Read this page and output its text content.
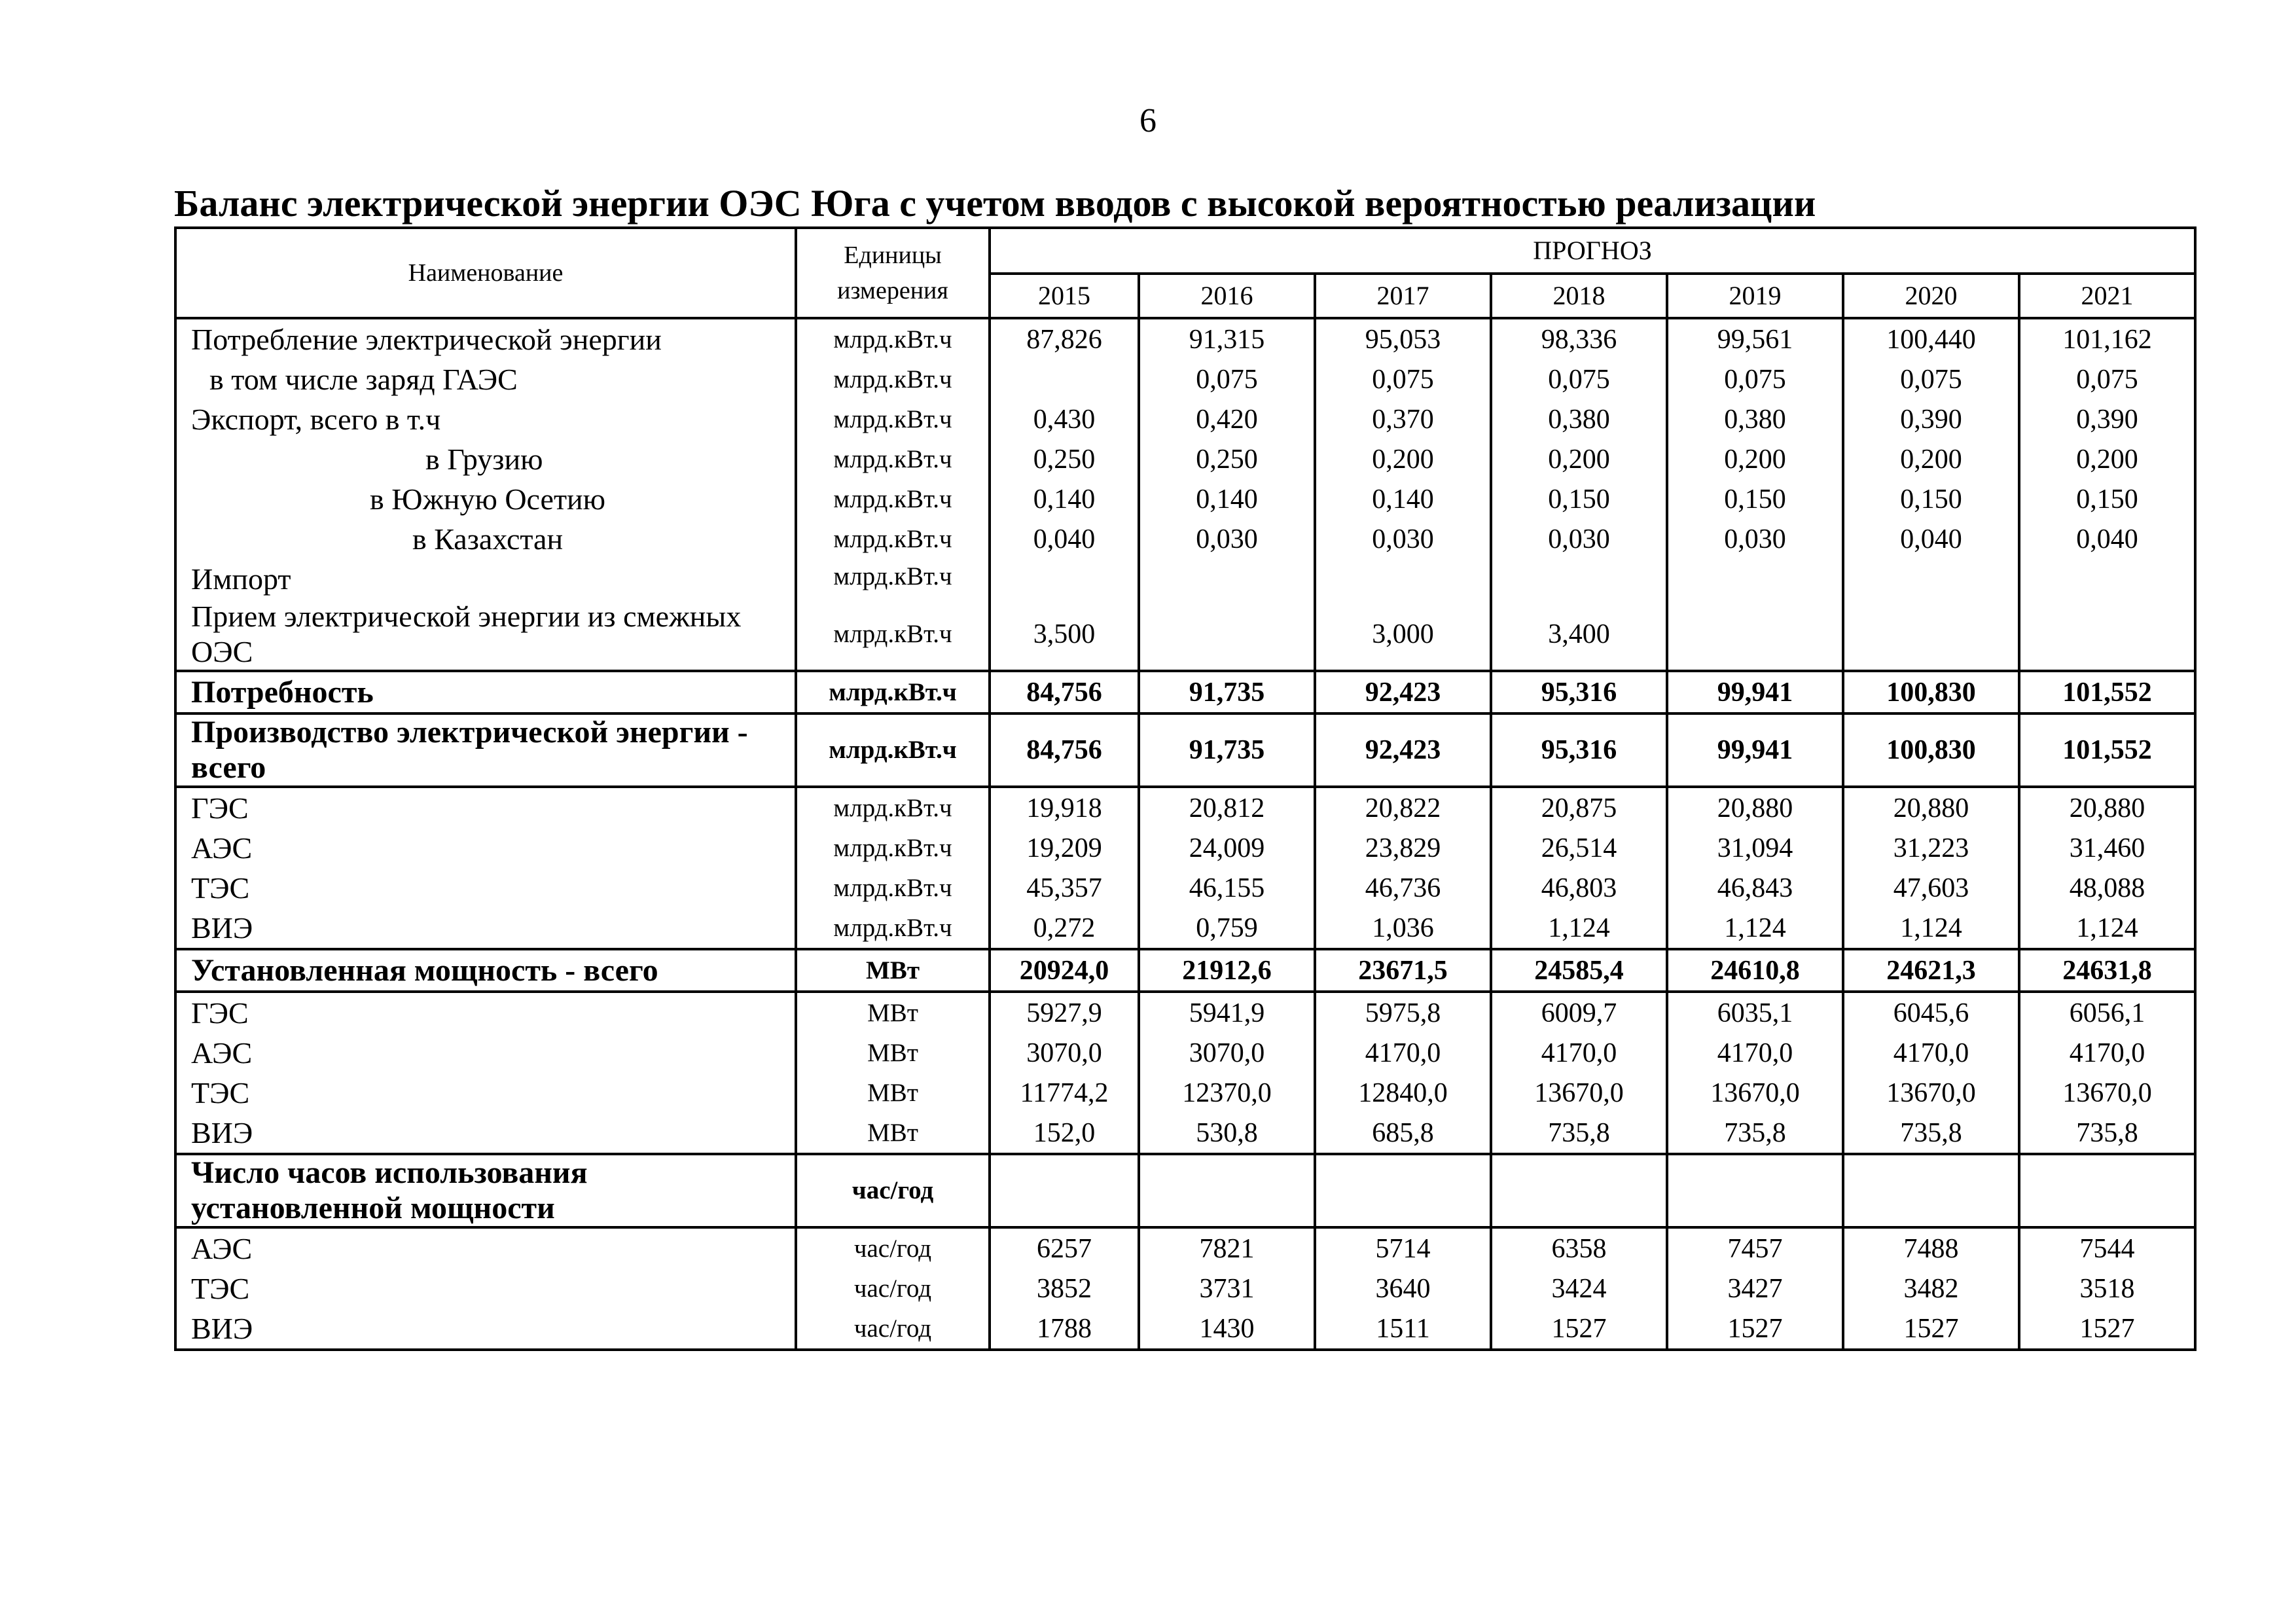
6
Баланс электрической энергии ОЭС Юга с учетом вводов с высокой вероятностью реализации
Наименование	Единицы измерения	ПРОГНОЗ						
		2015	2016	2017	2018	2019	2020	2021
Потребление электрической энергии	млрд.кВт.ч	87,826	91,315	95,053	98,336	99,561	100,440	101,162
в том числе заряд ГАЭС	млрд.кВт.ч		0,075	0,075	0,075	0,075	0,075	0,075
Экспорт, всего в т.ч	млрд.кВт.ч	0,430	0,420	0,370	0,380	0,380	0,390	0,390
в Грузию	млрд.кВт.ч	0,250	0,250	0,200	0,200	0,200	0,200	0,200
в Южную Осетию	млрд.кВт.ч	0,140	0,140	0,140	0,150	0,150	0,150	0,150
в Казахстан	млрд.кВт.ч	0,040	0,030	0,030	0,030	0,030	0,040	0,040
Импорт	млрд.кВт.ч							
Прием электрической энергии из смежных ОЭС	млрд.кВт.ч	3,500		3,000	3,400			
Потребность	млрд.кВт.ч	84,756	91,735	92,423	95,316	99,941	100,830	101,552
Производство электрической энергии - всего	млрд.кВт.ч	84,756	91,735	92,423	95,316	99,941	100,830	101,552
ГЭС	млрд.кВт.ч	19,918	20,812	20,822	20,875	20,880	20,880	20,880
АЭС	млрд.кВт.ч	19,209	24,009	23,829	26,514	31,094	31,223	31,460
ТЭС	млрд.кВт.ч	45,357	46,155	46,736	46,803	46,843	47,603	48,088
ВИЭ	млрд.кВт.ч	0,272	0,759	1,036	1,124	1,124	1,124	1,124
Установленная мощность - всего	МВт	20924,0	21912,6	23671,5	24585,4	24610,8	24621,3	24631,8
ГЭС	МВт	5927,9	5941,9	5975,8	6009,7	6035,1	6045,6	6056,1
АЭС	МВт	3070,0	3070,0	4170,0	4170,0	4170,0	4170,0	4170,0
ТЭС	МВт	11774,2	12370,0	12840,0	13670,0	13670,0	13670,0	13670,0
ВИЭ	МВт	152,0	530,8	685,8	735,8	735,8	735,8	735,8
Число часов использования установленной мощности	час/год							
АЭС	час/год	6257	7821	5714	6358	7457	7488	7544
ТЭС	час/год	3852	3731	3640	3424	3427	3482	3518
ВИЭ	час/год	1788	1430	1511	1527	1527	1527	1527
